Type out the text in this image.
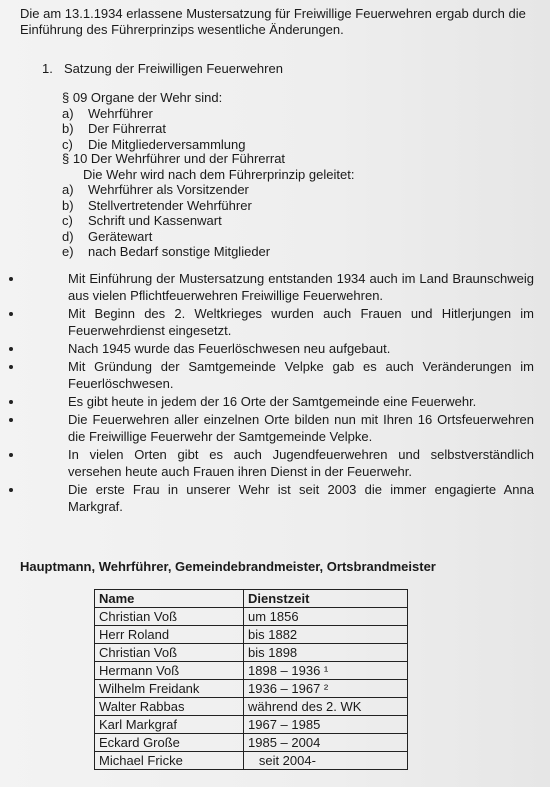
Die am 13.1.1934 erlassene Mustersatzung für Freiwillige Feuerwehren ergab durch die Einführung des Führerprinzips wesentliche Änderungen.
1. Satzung der Freiwilligen Feuerwehren
§ 09 Organe der Wehr sind:
a)	Wehrführer
b)	Der Führerrat
c)	Die Mitgliederversammlung
§ 10 Der Wehrführer und der Führerrat
Die Wehr wird nach dem Führerprinzip geleitet:
a)	Wehrführer als Vorsitzender
b)	Stellvertretender Wehrführer
c)	Schrift und Kassenwart
d)	Gerätewart
e)	nach Bedarf sonstige Mitglieder
Mit Einführung der Mustersatzung entstanden 1934 auch im Land Braunschweig aus vielen Pflichtfeuerwehren Freiwillige Feuerwehren.
Mit Beginn des 2. Weltkrieges wurden auch Frauen und Hitlerjungen im Feuerwehrdienst eingesetzt.
Nach 1945 wurde das Feuerlöschwesen neu aufgebaut.
Mit Gründung der Samtgemeinde Velpke gab es auch Veränderungen im Feuerlöschwesen.
Es gibt heute in jedem der 16 Orte der Samtgemeinde eine Feuerwehr.
Die Feuerwehren aller einzelnen Orte bilden nun mit Ihren 16 Ortsfeuerwehren die Freiwillige Feuerwehr der Samtgemeinde Velpke.
In vielen Orten gibt es auch Jugendfeuerwehren und selbstverständlich versehen heute auch Frauen ihren Dienst in der Feuerwehr.
Die erste Frau in unserer Wehr ist seit 2003 die immer engagierte Anna Markgraf.
Hauptmann, Wehrführer, Gemeindebrandmeister, Ortsbrandmeister
Name	Dienstzeit
Christian Voß	um 1856
Herr Roland	bis 1882
Christian Voß	bis 1898
Hermann Voß	1898 – 1936 ¹
Wilhelm Freidank	1936 – 1967 ²
Walter Rabbas	während des 2. WK
Karl Markgraf	1967 – 1985
Eckard Große	1985 – 2004
Michael Fricke	seit 2004-
